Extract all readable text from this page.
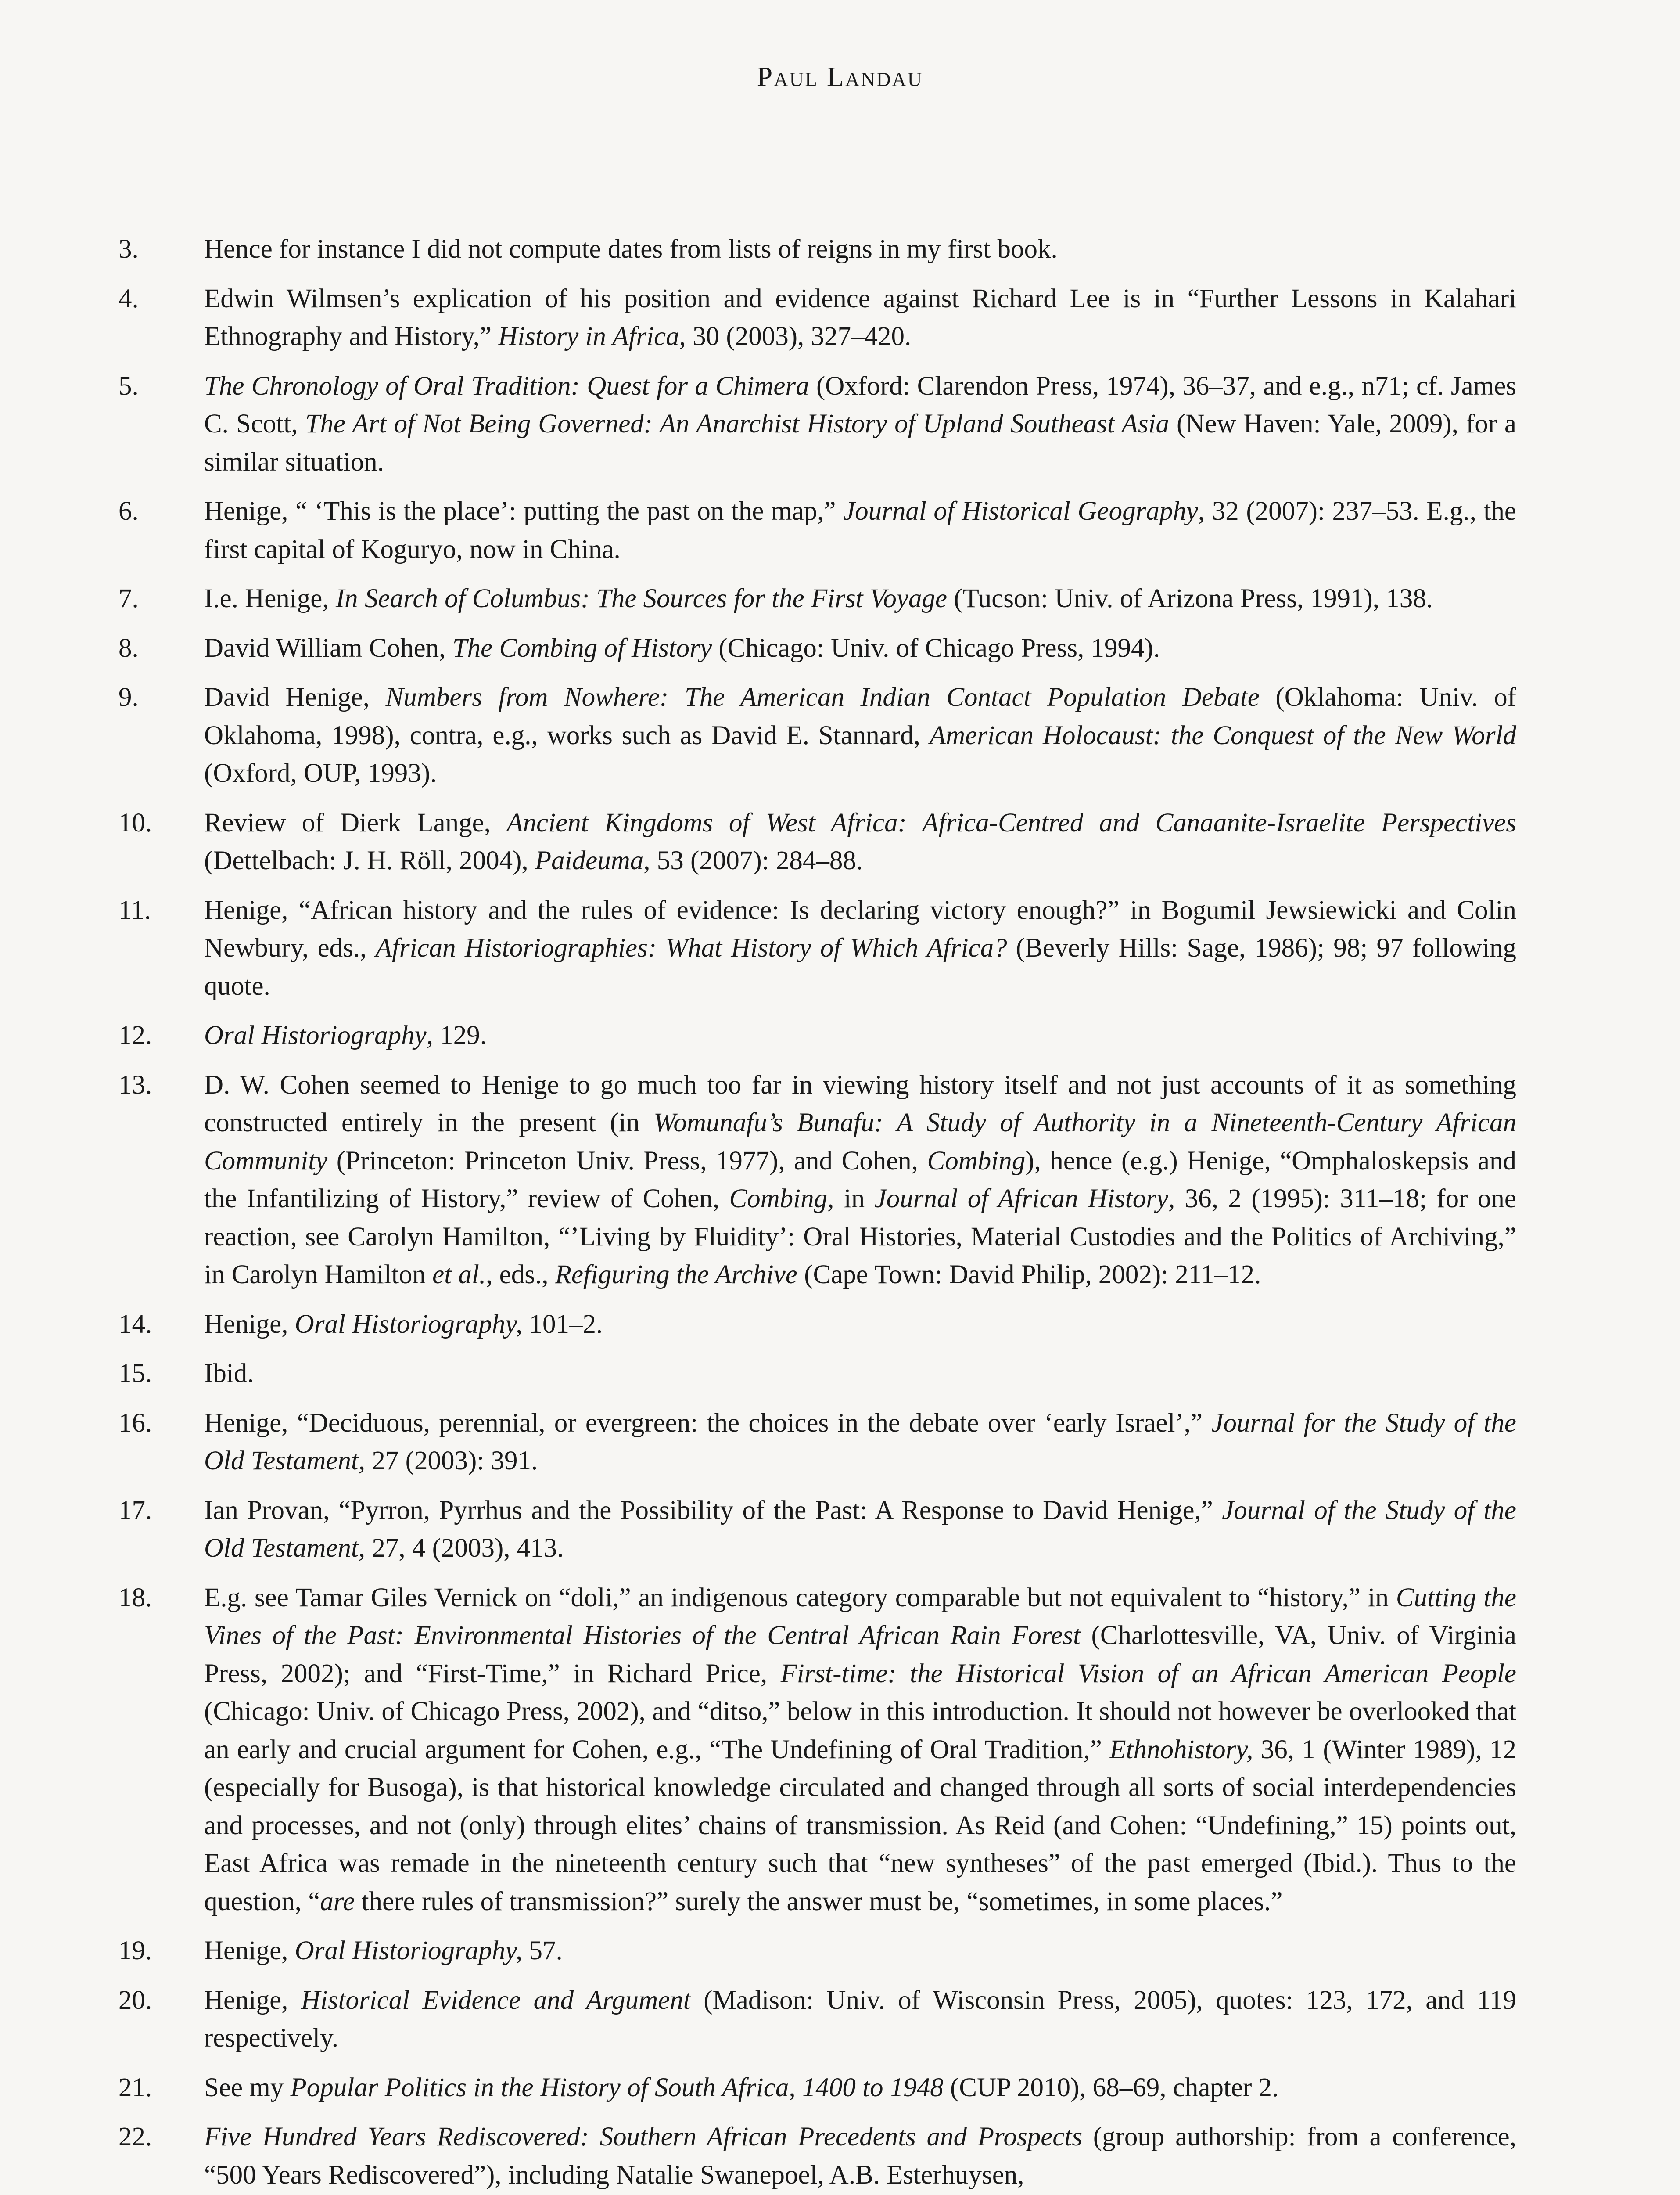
Paul Landau
3.	Hence for instance I did not compute dates from lists of reigns in my first book.
4.	Edwin Wilmsen’s explication of his position and evidence against Richard Lee is in “Further Lessons in Kalahari Ethnography and History,” History in Africa, 30 (2003), 327–420.
5.	The Chronology of Oral Tradition: Quest for a Chimera (Oxford: Clarendon Press, 1974), 36–37, and e.g., n71; cf. James C. Scott, The Art of Not Being Governed: An Anarchist History of Upland Southeast Asia (New Haven: Yale, 2009), for a similar situation.
6.	Henige, “ ‘This is the place’: putting the past on the map,” Journal of Historical Geography, 32 (2007): 237–53. E.g., the first capital of Koguryo, now in China.
7.	I.e. Henige, In Search of Columbus: The Sources for the First Voyage (Tucson: Univ. of Arizona Press, 1991), 138.
8.	David William Cohen, The Combing of History (Chicago: Univ. of Chicago Press, 1994).
9.	David Henige, Numbers from Nowhere: The American Indian Contact Population Debate (Oklahoma: Univ. of Oklahoma, 1998), contra, e.g., works such as David E. Stannard, American Holocaust: the Conquest of the New World (Oxford, OUP, 1993).
10.	Review of Dierk Lange, Ancient Kingdoms of West Africa: Africa-Centred and Canaanite-Israelite Perspectives (Dettelbach: J. H. Röll, 2004), Paideuma, 53 (2007): 284–88.
11.	Henige, “African history and the rules of evidence: Is declaring victory enough?” in Bogumil Jewsiewicki and Colin Newbury, eds., African Historiographies: What History of Which Africa? (Beverly Hills: Sage, 1986); 98; 97 following quote.
12.	Oral Historiography, 129.
13.	D. W. Cohen seemed to Henige to go much too far in viewing history itself and not just accounts of it as something constructed entirely in the present (in Womunafu’s Bunafu: A Study of Authority in a Nineteenth-Century African Community (Princeton: Princeton Univ. Press, 1977), and Cohen, Combing), hence (e.g.) Henige, “Omphaloskepsis and the Infantilizing of History,” review of Cohen, Combing, in Journal of African History, 36, 2 (1995): 311–18; for one reaction, see Carolyn Hamilton, “’Living by Fluidity’: Oral Histories, Material Custodies and the Politics of Archiving,” in Carolyn Hamilton et al., eds., Refiguring the Archive (Cape Town: David Philip, 2002): 211–12.
14.	Henige, Oral Historiography, 101–2.
15.	Ibid.
16.	Henige, “Deciduous, perennial, or evergreen: the choices in the debate over ‘early Israel’,” Journal for the Study of the Old Testament, 27 (2003): 391.
17.	Ian Provan, “Pyrron, Pyrrhus and the Possibility of the Past: A Response to David Henige,” Journal of the Study of the Old Testament, 27, 4 (2003), 413.
18.	E.g. see Tamar Giles Vernick on “doli,” an indigenous category comparable but not equivalent to “history,” in Cutting the Vines of the Past: Environmental Histories of the Central African Rain Forest (Charlottesville, VA, Univ. of Virginia Press, 2002); and “First-Time,” in Richard Price, First-time: the Historical Vision of an African American People (Chicago: Univ. of Chicago Press, 2002), and “ditso,” below in this introduction. It should not however be overlooked that an early and crucial argument for Cohen, e.g., “The Undefining of Oral Tradition,” Ethnohistory, 36, 1 (Winter 1989), 12 (especially for Busoga), is that historical knowledge circulated and changed through all sorts of social interdependencies and processes, and not (only) through elites’ chains of transmission. As Reid (and Cohen: “Undefining,” 15) points out, East Africa was remade in the nineteenth century such that “new syntheses” of the past emerged (Ibid.). Thus to the question, “are there rules of transmission?” surely the answer must be, “sometimes, in some places.”
19.	Henige, Oral Historiography, 57.
20.	Henige, Historical Evidence and Argument (Madison: Univ. of Wisconsin Press, 2005), quotes: 123, 172, and 119 respectively.
21.	See my Popular Politics in the History of South Africa, 1400 to 1948 (CUP 2010), 68–69, chapter 2.
22.	Five Hundred Years Rediscovered: Southern African Precedents and Prospects (group authorship: from a conference, “500 Years Rediscovered”), including Natalie Swanepoel, A.B. Esterhuysen,
